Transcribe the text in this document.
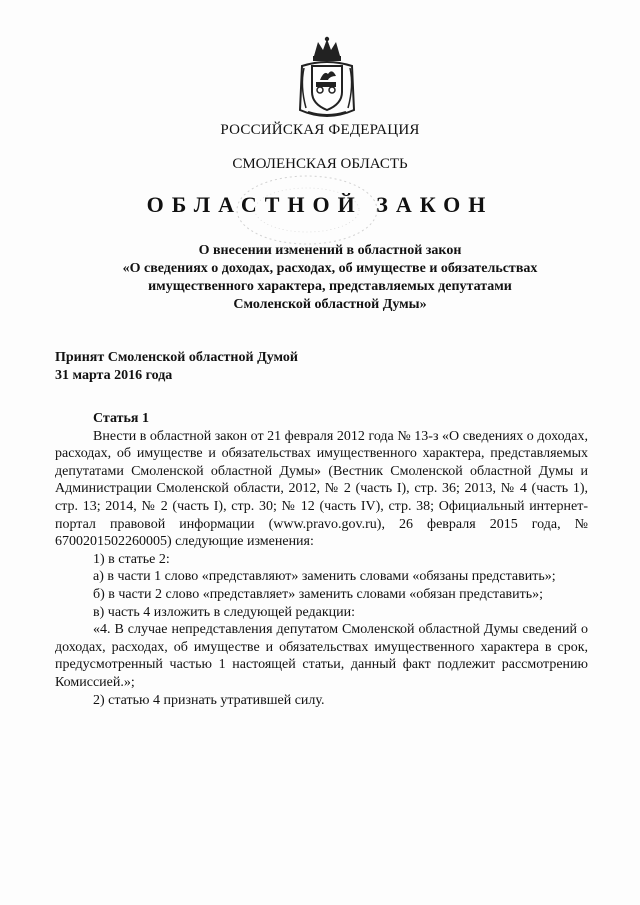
РОССИЙСКАЯ ФЕДЕРАЦИЯ
СМОЛЕНСКАЯ ОБЛАСТЬ
ОБЛАСТНОЙ ЗАКОН
О внесении изменений в областной закон
«О сведениях о доходах, расходах, об имуществе и обязательствах
имущественного характера, представляемых депутатами
Смоленской областной Думы»
Принят Смоленской областной Думой
31 марта 2016 года
Статья 1

Внести в областной закон от 21 февраля 2012 года № 13-з «О сведениях о доходах, расходах, об имуществе и обязательствах имущественного характера, представляемых депутатами Смоленской областной Думы» (Вестник Смоленской областной Думы и Администрации Смоленской области, 2012, № 2 (часть I), стр. 36; 2013, № 4 (часть 1), стр. 13; 2014, № 2 (часть I), стр. 30; № 12 (часть IV), стр. 38; Официальный интернет-портал правовой информации (www.pravo.gov.ru), 26 февраля 2015 года, № 6700201502260005) следующие изменения:

1) в статье 2:

а) в части 1 слово «представляют» заменить словами «обязаны представить»;

б) в части 2 слово «представляет» заменить словами «обязан представить»;

в) часть 4 изложить в следующей редакции:

«4. В случае непредставления депутатом Смоленской областной Думы сведений о доходах, расходах, об имуществе и обязательствах имущественного характера в срок, предусмотренный частью 1 настоящей статьи, данный факт подлежит рассмотрению Комиссией.»;

2) статью 4 признать утратившей силу.
